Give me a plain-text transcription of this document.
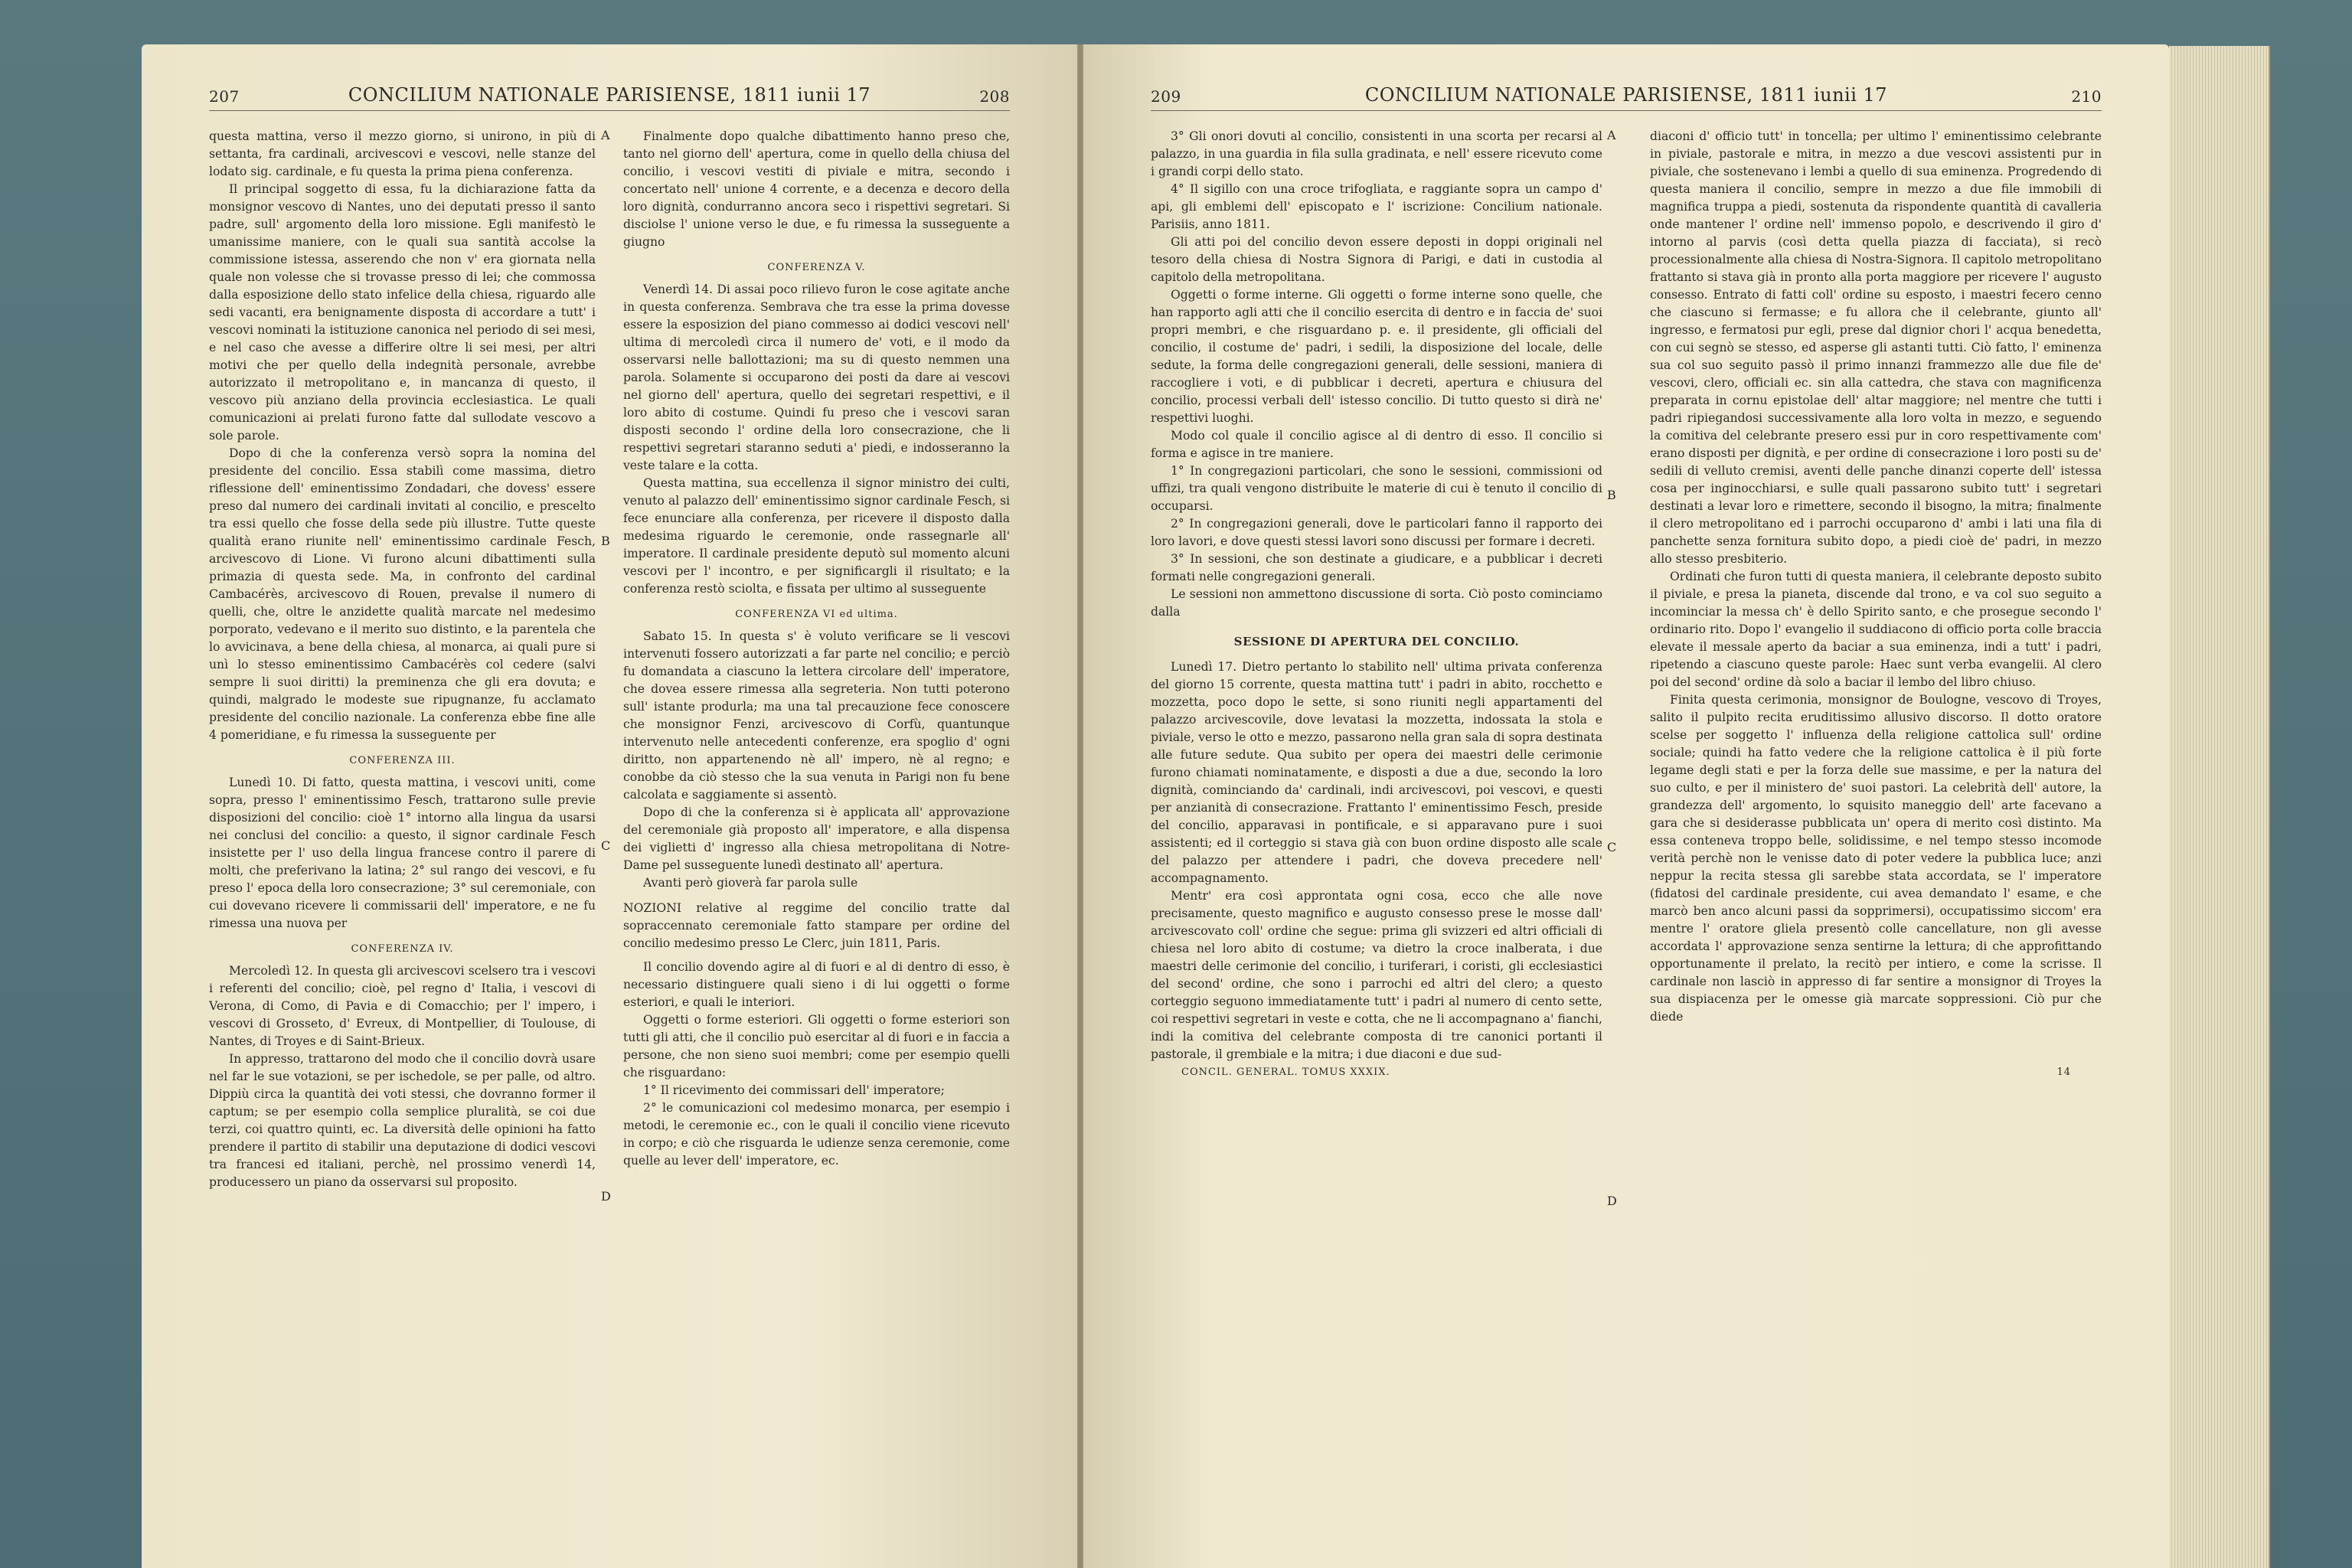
207	CONCILIUM NATIONALE PARISIENSE, 1811 iunii 17	208
A
B
C
D

questa mattina, verso il mezzo giorno, si unirono, in più di settanta, fra cardinali, arcivescovi e vescovi, nelle stanze del lodato sig. cardinale, e fu questa la prima piena conferenza.

Il principal soggetto di essa, fu la dichiarazione fatta da monsignor vescovo di Nantes, uno dei deputati presso il santo padre, sull' argomento della loro missione. Egli manifestò le umanissime maniere, con le quali sua santità accolse la commissione istessa, asserendo che non v' era giornata nella quale non volesse che si trovasse presso di lei; che commossa dalla esposizione dello stato infelice della chiesa, riguardo alle sedi vacanti, era benignamente disposta di accordare a tutt' i vescovi nominati la istituzione canonica nel periodo di sei mesi, e nel caso che avesse a differire oltre li sei mesi, per altri motivi che per quello della indegnità personale, avrebbe autorizzato il metropolitano e, in mancanza di questo, il vescovo più anziano della provincia ecclesiastica. Le quali comunicazioni ai prelati furono fatte dal sullodate vescovo a sole parole.

Dopo di che la conferenza versò sopra la nomina del presidente del concilio. Essa stabilì come massima, dietro riflessione dell' eminentissimo Zondadari, che dovess' essere preso dal numero dei cardinali invitati al concilio, e prescelto tra essi quello che fosse della sede più illustre. Tutte queste qualità erano riunite nell' eminentissimo cardinale Fesch, arcivescovo di Lione. Vi furono alcuni dibattimenti sulla primazia di questa sede. Ma, in confronto del cardinal Cambacérès, arcivescovo di Rouen, prevalse il numero di quelli, che, oltre le anzidette qualità marcate nel medesimo porporato, vedevano e il merito suo distinto, e la parentela che lo avvicinava, a bene della chiesa, al monarca, ai quali pure si unì lo stesso eminentissimo Cambacérès col cedere (salvi sempre li suoi diritti) la preminenza che gli era dovuta; e quindi, malgrado le modeste sue ripugnanze, fu acclamato presidente del concilio nazionale. La conferenza ebbe fine alle 4 pomeridiane, e fu rimessa la susseguente per

CONFERENZA III.

Lunedì 10. Di fatto, questa mattina, i vescovi uniti, come sopra, presso l' eminentissimo Fesch, trattarono sulle previe disposizioni del concilio: cioè 1° intorno alla lingua da usarsi nei conclusi del concilio: a questo, il signor cardinale Fesch insistette per l' uso della lingua francese contro il parere di molti, che preferivano la latina; 2° sul rango dei vescovi, e fu preso l' epoca della loro consecrazione; 3° sul ceremoniale, con cui dovevano ricevere li commissarii dell' imperatore, e ne fu rimessa una nuova per

CONFERENZA IV.

Mercoledì 12. In questa gli arcivescovi scelsero tra i vescovi i referenti del concilio; cioè, pel regno d' Italia, i vescovi di Verona, di Como, di Pavia e di Comacchio; per l' impero, i vescovi di Grosseto, d' Evreux, di Montpellier, di Toulouse, di Nantes, di Troyes e di Saint-Brieux.

In appresso, trattarono del modo che il concilio dovrà usare nel far le sue votazioni, se per ischedole, se per palle, od altro. Dippiù circa la quantità dei voti stessi, che dovranno former il captum; se per esempio colla semplice pluralità, se coi due terzi, coi quattro quinti, ec. La diversità delle opinioni ha fatto prendere il partito di stabilir una deputazione di dodici vescovi tra francesi ed italiani, perchè, nel prossimo venerdì 14, producessero un piano da osservarsi sul proposito.

Finalmente dopo qualche dibattimento hanno preso che, tanto nel giorno dell' apertura, come in quello della chiusa del concilio, i vescovi vestiti di piviale e mitra, secondo i concertato nell' unione 4 corrente, e a decenza e decoro della loro dignità, condurranno ancora seco i rispettivi segretari. Si disciolse l' unione verso le due, e fu rimessa la susseguente a giugno

CONFERENZA V.

Venerdì 14. Di assai poco rilievo furon le cose agitate anche in questa conferenza. Sembrava che tra esse la prima dovesse essere la esposizion del piano commesso ai dodici vescovi nell' ultima di mercoledì circa il numero de' voti, e il modo da osservarsi nelle ballottazioni; ma su di questo nemmen una parola. Solamente si occuparono dei posti da dare ai vescovi nel giorno dell' apertura, quello dei segretari respettivi, e il loro abito di costume. Quindi fu preso che i vescovi saran disposti secondo l' ordine della loro consecrazione, che li respettivi segretari staranno seduti a' piedi, e indosseranno la veste talare e la cotta.

Questa mattina, sua eccellenza il signor ministro dei culti, venuto al palazzo dell' eminentissimo signor cardinale Fesch, si fece enunciare alla conferenza, per ricevere il disposto dalla medesima riguardo le ceremonie, onde rassegnarle all' imperatore. Il cardinale presidente deputò sul momento alcuni vescovi per l' incontro, e per significargli il risultato; e la conferenza restò sciolta, e fissata per ultimo al susseguente

CONFERENZA VI ed ultima.

Sabato 15. In questa s' è voluto verificare se li vescovi intervenuti fossero autorizzati a far parte nel concilio; e perciò fu domandata a ciascuno la lettera circolare dell' imperatore, che dovea essere rimessa alla segreteria. Non tutti poterono sull' istante produrla; ma una tal precauzione fece conoscere che monsignor Fenzi, arcivescovo di Corfù, quantunque intervenuto nelle antecedenti conferenze, era spoglio d' ogni diritto, non appartenendo nè all' impero, nè al regno; e conobbe da ciò stesso che la sua venuta in Parigi non fu bene calcolata e saggiamente si assentò.

Dopo di che la conferenza si è applicata all' approvazione del ceremoniale già proposto all' imperatore, e alla dispensa dei viglietti d' ingresso alla chiesa metropolitana di Notre-Dame pel susseguente lunedì destinato all' apertura.

Avanti però gioverà far parola sulle

NOZIONI relative al reggime del concilio tratte dal sopraccennato ceremoniale fatto stampare per ordine del concilio medesimo presso Le Clerc, juin 1811, Paris.

Il concilio dovendo agire al di fuori e al di dentro di esso, è necessario distinguere quali sieno i di lui oggetti o forme esteriori, e quali le interiori.

Oggetti o forme esteriori. Gli oggetti o forme esteriori son tutti gli atti, che il concilio può esercitar al di fuori e in faccia a persone, che non sieno suoi membri; come per esempio quelli che risguardano:

1° Il ricevimento dei commissari dell' imperatore;

2° le comunicazioni col medesimo monarca, per esempio i metodi, le ceremonie ec., con le quali il concilio viene ricevuto in corpo; e ciò che risguarda le udienze senza ceremonie, come quelle au lever dell' imperatore, ec.

209	CONCILIUM NATIONALE PARISIENSE, 1811 iunii 17	210
A
B
C
D

3° Gli onori dovuti al concilio, consistenti in una scorta per recarsi al palazzo, in una guardia in fila sulla gradinata, e nell' essere ricevuto come i grandi corpi dello stato.

4° Il sigillo con una croce trifogliata, e raggiante sopra un campo d' api, gli emblemi dell' episcopato e l' iscrizione: Concilium nationale. Parisiis, anno 1811.

Gli atti poi del concilio devon essere deposti in doppi originali nel tesoro della chiesa di Nostra Signora di Parigi, e dati in custodia al capitolo della metropolitana.

Oggetti o forme interne. Gli oggetti o forme interne sono quelle, che han rapporto agli atti che il concilio esercita di dentro e in faccia de' suoi propri membri, e che risguardano p. e. il presidente, gli officiali del concilio, il costume de' padri, i sedili, la disposizione del locale, delle sedute, la forma delle congregazioni generali, delle sessioni, maniera di raccogliere i voti, e di pubblicar i decreti, apertura e chiusura del concilio, processi verbali dell' istesso concilio. Di tutto questo si dirà ne' respettivi luoghi.

Modo col quale il concilio agisce al di dentro di esso. Il concilio si forma e agisce in tre maniere.

1° In congregazioni particolari, che sono le sessioni, commissioni od uffizi, tra quali vengono distribuite le materie di cui è tenuto il concilio di occuparsi.

2° In congregazioni generali, dove le particolari fanno il rapporto dei loro lavori, e dove questi stessi lavori sono discussi per formare i decreti.

3° In sessioni, che son destinate a giudicare, e a pubblicar i decreti formati nelle congregazioni generali.

Le sessioni non ammettono discussione di sorta. Ciò posto cominciamo dalla

SESSIONE DI APERTURA DEL CONCILIO.

Lunedì 17. Dietro pertanto lo stabilito nell' ultima privata conferenza del giorno 15 corrente, questa mattina tutt' i padri in abito, rocchetto e mozzetta, poco dopo le sette, si sono riuniti negli appartamenti del palazzo arcivescovile, dove levatasi la mozzetta, indossata la stola e piviale, verso le otto e mezzo, passarono nella gran sala di sopra destinata alle future sedute. Qua subito per opera dei maestri delle cerimonie furono chiamati nominatamente, e disposti a due a due, secondo la loro dignità, cominciando da' cardinali, indi arcivescovi, poi vescovi, e questi per anzianità di consecrazione. Frattanto l' eminentissimo Fesch, preside del concilio, apparavasi in pontificale, e si apparavano pure i suoi assistenti; ed il corteggio si stava già con buon ordine disposto alle scale del palazzo per attendere i padri, che doveva precedere nell' accompagnamento.

Mentr' era così approntata ogni cosa, ecco che alle nove precisamente, questo magnifico e augusto consesso prese le mosse dall' arcivescovato coll' ordine che segue: prima gli svizzeri ed altri officiali di chiesa nel loro abito di costume; va dietro la croce inalberata, i due maestri delle cerimonie del concilio, i turiferari, i coristi, gli ecclesiastici del second' ordine, che sono i parrochi ed altri del clero; a questo corteggio seguono immediatamente tutt' i padri al numero di cento sette, coi respettivi segretari in veste e cotta, che ne li accompagnano a' fianchi, indi la comitiva del celebrante composta di tre canonici portanti il pastorale, il grembiale e la mitra; i due diaconi e due sud-

diaconi d' officio tutt' in toncella; per ultimo l' eminentissimo celebrante in piviale, pastorale e mitra, in mezzo a due vescovi assistenti pur in piviale, che sostenevano i lembi a quello di sua eminenza. Progredendo di questa maniera il concilio, sempre in mezzo a due file immobili di magnifica truppa a piedi, sostenuta da rispondente quantità di cavalleria onde mantener l' ordine nell' immenso popolo, e descrivendo il giro d' intorno al parvis (così detta quella piazza di facciata), si recò processionalmente alla chiesa di Nostra-Signora. Il capitolo metropolitano frattanto si stava già in pronto alla porta maggiore per ricevere l' augusto consesso. Entrato di fatti coll' ordine su esposto, i maestri fecero cenno che ciascuno si fermasse; e fu allora che il celebrante, giunto all' ingresso, e fermatosi pur egli, prese dal dignior chori l' acqua benedetta, con cui segnò se stesso, ed asperse gli astanti tutti. Ciò fatto, l' eminenza sua col suo seguito passò il primo innanzi frammezzo alle due file de' vescovi, clero, officiali ec. sin alla cattedra, che stava con magnificenza preparata in cornu epistolae dell' altar maggiore; nel mentre che tutti i padri ripiegandosi successivamente alla loro volta in mezzo, e seguendo la comitiva del celebrante presero essi pur in coro respettivamente com' erano disposti per dignità, e per ordine di consecrazione i loro posti su de' sedili di velluto cremisi, aventi delle panche dinanzi coperte dell' istessa cosa per inginocchiarsi, e sulle quali passarono subito tutt' i segretari destinati a levar loro e rimettere, secondo il bisogno, la mitra; finalmente il clero metropolitano ed i parrochi occuparono d' ambi i lati una fila di panchette senza fornitura subito dopo, a piedi cioè de' padri, in mezzo allo stesso presbiterio.

Ordinati che furon tutti di questa maniera, il celebrante deposto subito il piviale, e presa la pianeta, discende dal trono, e va col suo seguito a incominciar la messa ch' è dello Spirito santo, e che prosegue secondo l' ordinario rito. Dopo l' evangelio il suddiacono di officio porta colle braccia elevate il messale aperto da baciar a sua eminenza, indi a tutt' i padri, ripetendo a ciascuno queste parole: Haec sunt verba evangelii. Al clero poi del second' ordine dà solo a baciar il lembo del libro chiuso.

Finita questa cerimonia, monsignor de Boulogne, vescovo di Troyes, salito il pulpito recita eruditissimo allusivo discorso. Il dotto oratore scelse per soggetto l' influenza della religione cattolica sull' ordine sociale; quindi ha fatto vedere che la religione cattolica è il più forte legame degli stati e per la forza delle sue massime, e per la natura del suo culto, e per il ministero de' suoi pastori. La celebrità dell' autore, la grandezza dell' argomento, lo squisito maneggio dell' arte facevano a gara che si desiderasse pubblicata un' opera di merito così distinto. Ma essa conteneva troppo belle, solidissime, e nel tempo stesso incomode verità perchè non le venisse dato di poter vedere la pubblica luce; anzi neppur la recita stessa gli sarebbe stata accordata, se l' imperatore (fidatosi del cardinale presidente, cui avea demandato l' esame, e che marcò ben anco alcuni passi da sopprimersi), occupatissimo siccom' era mentre l' oratore gliela presentò colle cancellature, non gli avesse accordata l' approvazione senza sentirne la lettura; di che approfittando opportunamente il prelato, la recitò per intiero, e come la scrisse. Il cardinale non lasciò in appresso di far sentire a monsignor di Troyes la sua dispiacenza per le omesse già marcate soppressioni. Ciò pur che diede

CONCIL. GENERAL. TOMUS XXXIX.	14
